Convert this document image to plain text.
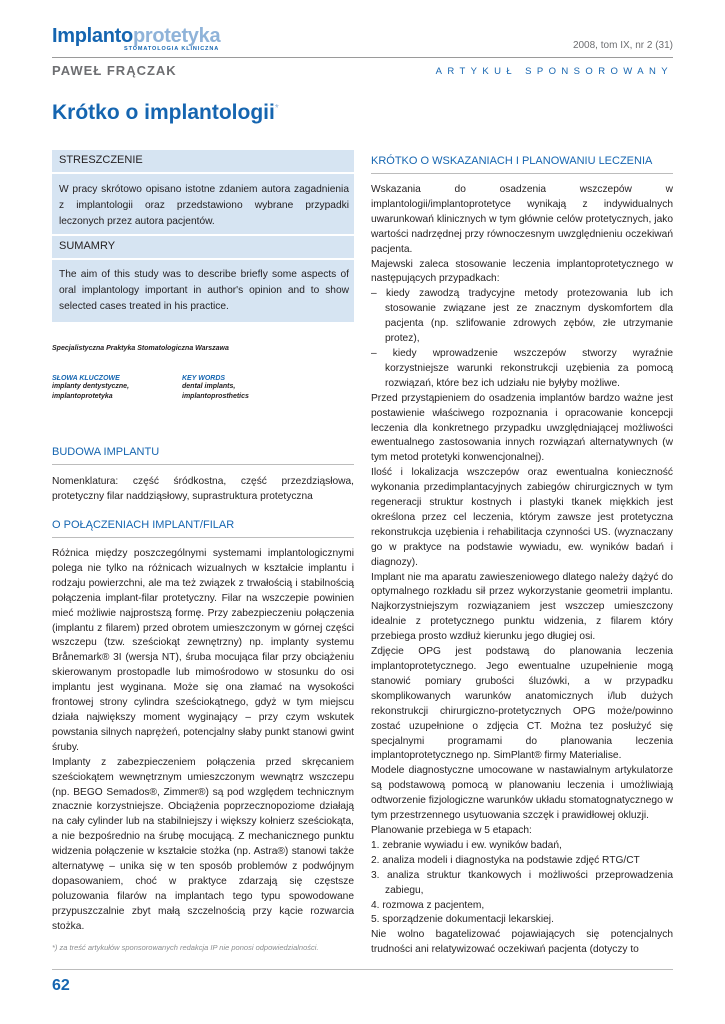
Implantoprotetyka
STOMATOLOGIA KLINICZNA	2008, tom IX, nr 2 (31)
PAWEŁ FRĄCZAK	ARTYKUŁ SPONSOROWANY
Krótko o implantologii*
STRESZCZENIE
W pracy skrótowo opisano istotne zdaniem autora zagadnienia z implantologii oraz przedstawiono wybrane przypadki leczonych przez autora pacjentów.
SUMAMRY
The aim of this study was to describe briefly some aspects of oral implantology important in author's opinion and to show selected cases treated in his practice.
Specjalistyczna Praktyka Stomatologiczna Warszawa
SŁOWA KLUCZOWE
implanty dentystyczne,
implantoprotetyka
KEY WORDS
dental implants,
implantoprosthetics
BUDOWA IMPLANTU

Nomenklatura: część śródkostna, część przezdziąsłowa, protetyczny filar naddziąsłowy, suprastruktura protetyczna

O POŁĄCZENIACH IMPLANT/FILAR

Różnica między poszczególnymi systemami implantologicznymi polega nie tylko na różnicach wizualnych w kształcie implantu i rodzaju powierzchni, ale ma też związek z trwałością i stabilnością połączenia implant-filar protetyczny. Filar na wszczepie powinien mieć możliwie najprostszą formę. Przy zabezpieczeniu połączenia (implantu z filarem) przed obrotem umieszczonym w górnej części wszczepu (tzw. sześciokąt zewnętrzny) np. implanty systemu Brånemark® 3I (wersja NT), śruba mocująca filar przy obciążeniu skierowanym prostopadle lub mimośrodowo w stosunku do osi implantu jest wyginana. Może się ona złamać na wysokości frontowej strony cylindra sześciokątnego, gdyż w tym miejscu działa największy moment wyginający – przy czym wskutek powstania silnych naprężeń, potencjalny słaby punkt stanowi gwint śruby.

Implanty z zabezpieczeniem połączenia przed skręcaniem sześciokątem wewnętrznym umieszczonym wewnątrz wszczepu (np. BEGO Semados®, Zimmer®) są pod względem technicznym znacznie korzystniejsze. Obciążenia poprzecznopoziome działają na cały cylinder lub na stabilniejszy i większy kołnierz sześciokąta, a nie bezpośrednio na śrubę mocującą. Z mechanicznego punktu widzenia połączenie w kształcie stożka (np. Astra®) stanowi także alternatywę – unika się w ten sposób problemów z podwójnym dopasowaniem, choć w praktyce zdarzają się częstsze poluzowania filarów na implantach tego typu spowodowane przypuszczalnie zbyt małą szczelnością przy kącie rozwarcia stożka.

KRÓTKO O WSKAZANIACH I PLANOWANIU LECZENIA

Wskazania do osadzenia wszczepów w implantologii/implantoprotetyce wynikają z indywidualnych uwarunkowań klinicznych w tym głównie celów protetycznych, jako wartości nadrzędnej przy równoczesnym uwzględnieniu oczekiwań pacjenta.

Majewski zaleca stosowanie leczenia implantoprotetycznego w następujących przypadkach:

– kiedy zawodzą tradycyjne metody protezowania lub ich stosowanie związane jest ze znacznym dyskomfortem dla pacjenta (np. szlifowanie zdrowych zębów, złe utrzymanie protez),

– kiedy wprowadzenie wszczepów stworzy wyraźnie korzystniejsze warunki rekonstrukcji uzębienia za pomocą rozwiązań, które bez ich udziału nie byłyby możliwe.

Przed przystąpieniem do osadzenia implantów bardzo ważne jest postawienie właściwego rozpoznania i opracowanie koncepcji leczenia dla konkretnego przypadku uwzględniającej możliwości ewentualnego zastosowania innych rozwiązań alternatywnych (w tym metod protetyki konwencjonalnej).

Ilość i lokalizacja wszczepów oraz ewentualna konieczność wykonania przedimplantacyjnych zabiegów chirurgicznych w tym regeneracji struktur kostnych i plastyki tkanek miękkich jest określona przez cel leczenia, którym zawsze jest protetyczna rekonstrukcja uzębienia i rehabilitacja czynności US. (wyznaczany go w praktyce na podstawie wywiadu, ew. wyników badań i diagnozy).

Implant nie ma aparatu zawieszeniowego dlatego należy dążyć do optymalnego rozkładu sił przez wykorzystanie geometrii implantu. Najkorzystniejszym rozwiązaniem jest wszczep umieszczony idealnie z protetycznego punktu widzenia, z filarem który przebiega prosto wzdłuż kierunku jego długiej osi.

Zdjęcie OPG jest podstawą do planowania leczenia implantoprotetycznego. Jego ewentualne uzupełnienie mogą stanowić pomiary grubości śluzówki, a w przypadku skomplikowanych warunków anatomicznych i/lub dużych rekonstrukcji chirurgiczno-protetycznych OPG może/powinno zostać uzupełnione o zdjęcia CT. Można tez posłużyć się specjalnymi programami do planowania leczenia implantoprotetycznego np. SimPlant® firmy Materialise.

Modele diagnostyczne umocowane w nastawialnym artykulatorze są podstawową pomocą w planowaniu leczenia i umożliwiają odtworzenie fizjologiczne warunków układu stomatognatycznego w tym przestrzennego usytuowania szczęk i prawidłowej okluzji.

Planowanie przebiega w 5 etapach:

1. zebranie wywiadu i ew. wyników badań,

2. analiza modeli i diagnostyka na podstawie zdjęć RTG/CT

3. analiza struktur tkankowych i możliwości przeprowadzenia zabiegu,

4. rozmowa z pacjentem,

5. sporządzenie dokumentacji lekarskiej.

Nie wolno bagatelizować pojawiających się potencjalnych trudności ani relatywizować oczekiwań pacjenta (dotyczy to

*) za treść artykułów sponsorowanych redakcja IP nie ponosi odpowiedzialności.
62
